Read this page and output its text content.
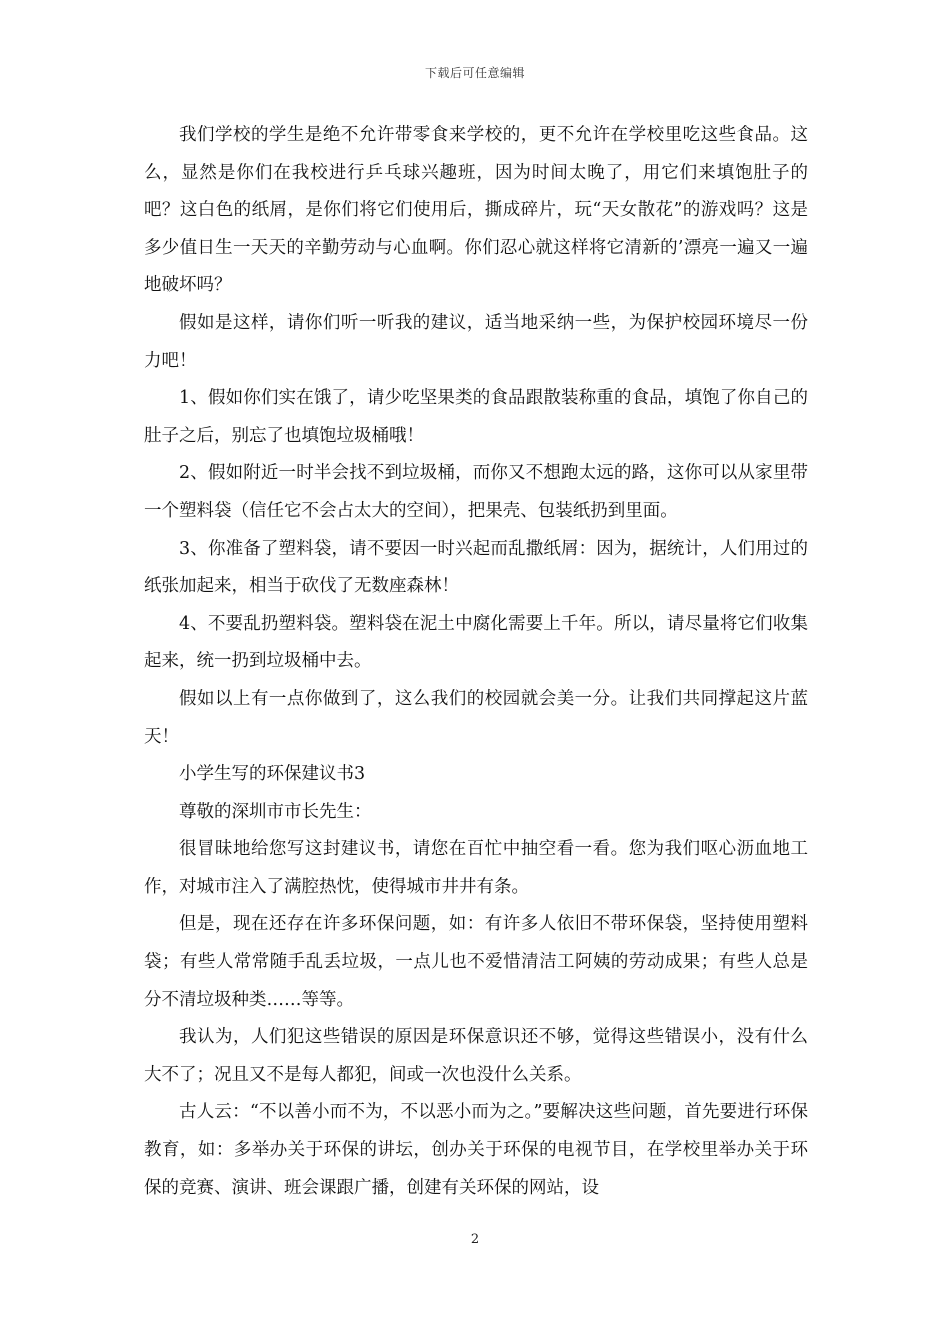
下载后可任意编辑

我们学校的学生是绝不允许带零食来学校的，更不允许在学校里吃这些食品。这么，显然是你们在我校进行乒乓球兴趣班，因为时间太晚了，用它们来填饱肚子的吧？这白色的纸屑，是你们将它们使用后，撕成碎片，玩“天女散花”的游戏吗？这是多少值日生一天天的辛勤劳动与心血啊。你们忍心就这样将它清新的’漂亮一遍又一遍地破坏吗？

假如是这样，请你们听一听我的建议，适当地采纳一些，为保护校园环境尽一份力吧！

1、假如你们实在饿了，请少吃坚果类的食品跟散装称重的食品，填饱了你自己的肚子之后，别忘了也填饱垃圾桶哦！

2、假如附近一时半会找不到垃圾桶，而你又不想跑太远的路，这你可以从家里带一个塑料袋（信任它不会占太大的空间），把果壳、包装纸扔到里面。

3、你准备了塑料袋，请不要因一时兴起而乱撒纸屑：因为，据统计，人们用过的纸张加起来，相当于砍伐了无数座森林！

4、不要乱扔塑料袋。塑料袋在泥土中腐化需要上千年。所以，请尽量将它们收集起来，统一扔到垃圾桶中去。

假如以上有一点你做到了，这么我们的校园就会美一分。让我们共同撑起这片蓝天！

小学生写的环保建议书3

尊敬的深圳市市长先生：

很冒昧地给您写这封建议书，请您在百忙中抽空看一看。您为我们呕心沥血地工作，对城市注入了满腔热忱，使得城市井井有条。

但是，现在还存在许多环保问题，如：有许多人依旧不带环保袋，坚持使用塑料袋；有些人常常随手乱丢垃圾，一点儿也不爱惜清洁工阿姨的劳动成果；有些人总是分不清垃圾种类……等等。

我认为，人们犯这些错误的原因是环保意识还不够，觉得这些错误小，没有什么大不了；况且又不是每人都犯，间或一次也没什么关系。

古人云：“不以善小而不为，不以恶小而为之。”要解决这些问题，首先要进行环保教育，如：多举办关于环保的讲坛，创办关于环保的电视节目，在学校里举办关于环保的竞赛、演讲、班会课跟广播，创建有关环保的网站，设

2
